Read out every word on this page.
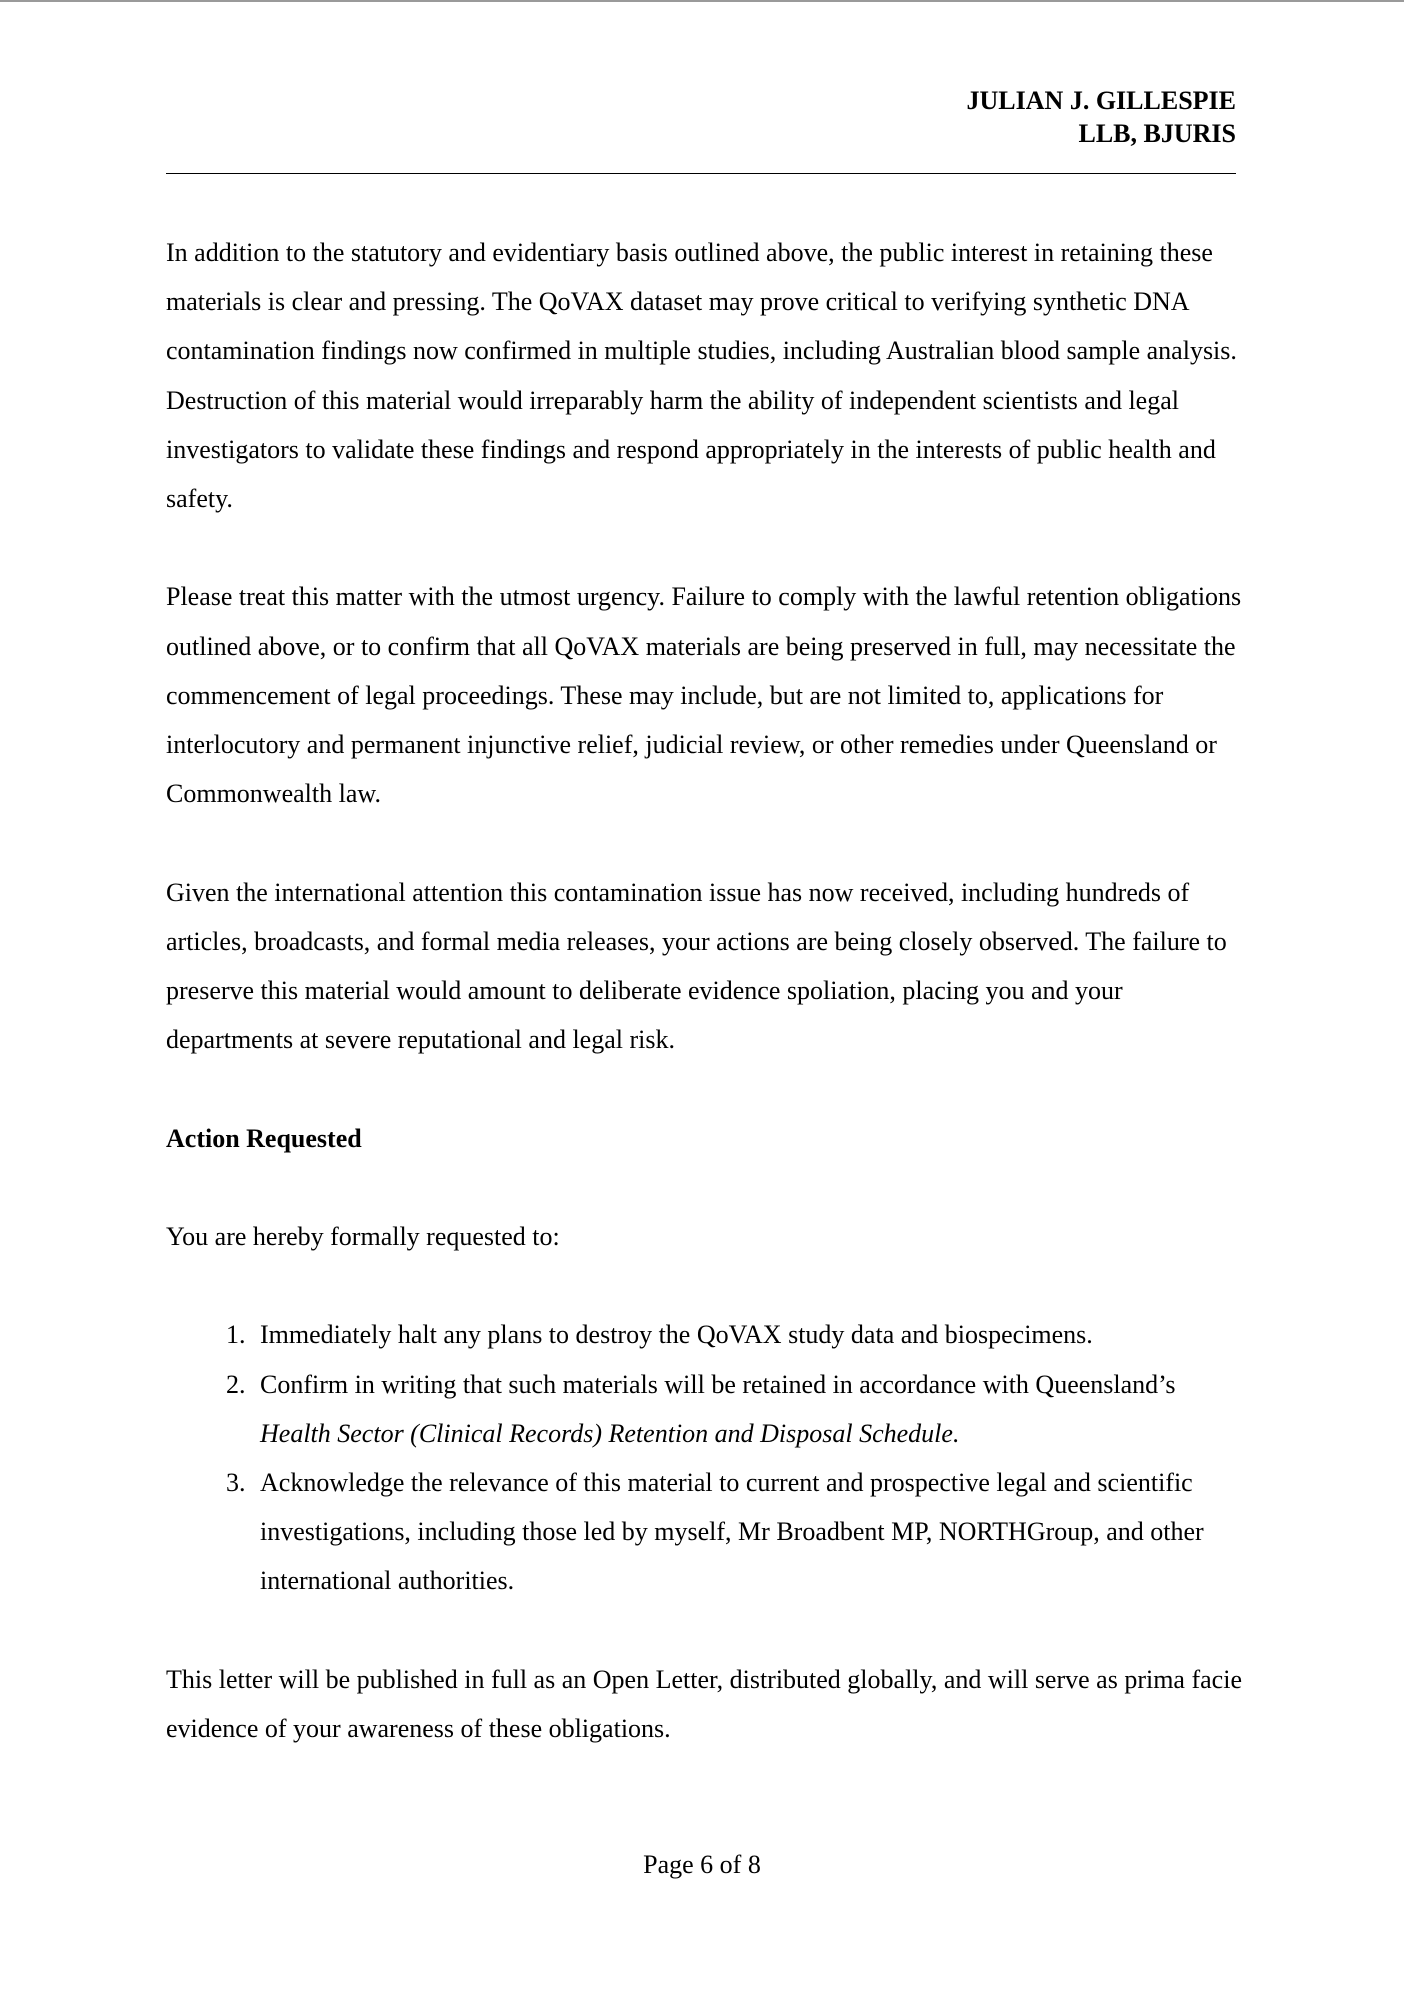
JULIAN J. GILLESPIE
LLB, BJURIS

In addition to the statutory and evidentiary basis outlined above, the public interest in retaining these materials is clear and pressing. The QoVAX dataset may prove critical to verifying synthetic DNA contamination findings now confirmed in multiple studies, including Australian blood sample analysis. Destruction of this material would irreparably harm the ability of independent scientists and legal investigators to validate these findings and respond appropriately in the interests of public health and safety.

Please treat this matter with the utmost urgency. Failure to comply with the lawful retention obligations outlined above, or to confirm that all QoVAX materials are being preserved in full, may necessitate the commencement of legal proceedings. These may include, but are not limited to, applications for interlocutory and permanent injunctive relief, judicial review, or other remedies under Queensland or Commonwealth law.

Given the international attention this contamination issue has now received, including hundreds of articles, broadcasts, and formal media releases, your actions are being closely observed. The failure to preserve this material would amount to deliberate evidence spoliation, placing you and your departments at severe reputational and legal risk.

Action Requested

You are hereby formally requested to:

1. Immediately halt any plans to destroy the QoVAX study data and biospecimens.
2. Confirm in writing that such materials will be retained in accordance with Queensland’s Health Sector (Clinical Records) Retention and Disposal Schedule.
3. Acknowledge the relevance of this material to current and prospective legal and scientific investigations, including those led by myself, Mr Broadbent MP, NORTHGroup, and other international authorities.

This letter will be published in full as an Open Letter, distributed globally, and will serve as prima facie evidence of your awareness of these obligations.

Page 6 of 8
